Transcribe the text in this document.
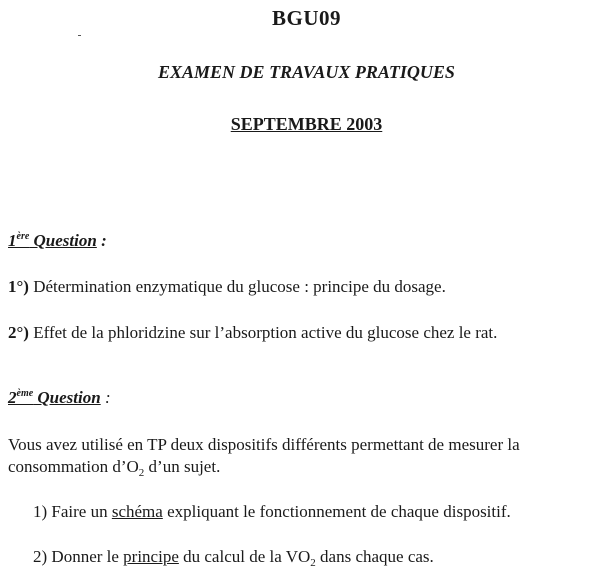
BGU09
EXAMEN DE TRAVAUX PRATIQUES
SEPTEMBRE 2003
1ère Question :
1°) Détermination enzymatique du glucose : principe du dosage.
2°) Effet de la phloridzine sur l’absorption active du glucose chez le rat.
2ème Question :
Vous avez utilisé en TP deux dispositifs différents permettant de mesurer la
consommation $d’O_2$ d’un sujet.
1) Faire un schéma expliquant le fonctionnement de chaque dispositif.
2) Donner le principe du calcul de la $VO_2$ dans chaque cas.
